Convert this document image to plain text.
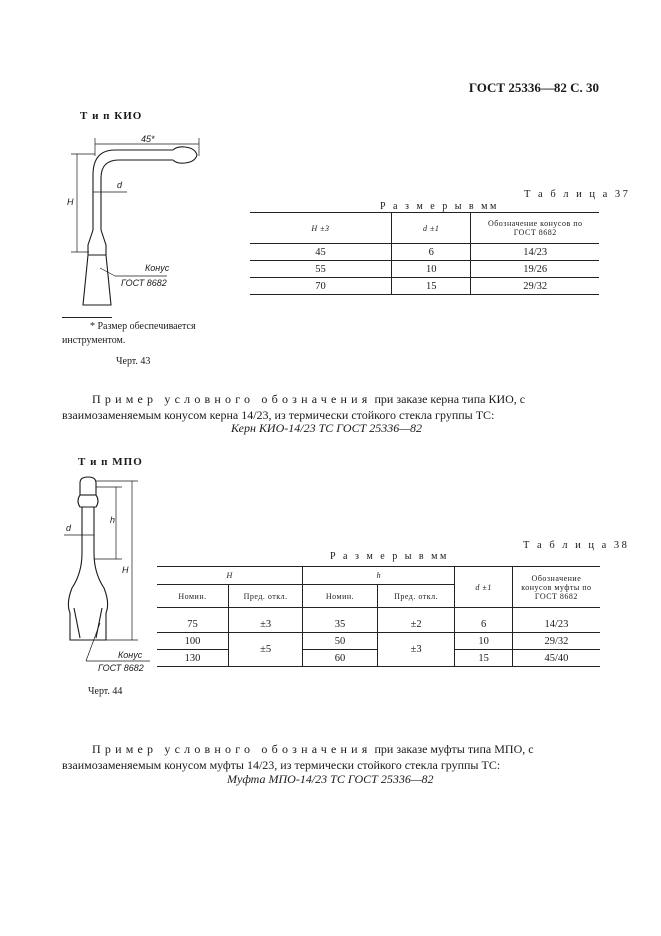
ГОСТ 25336—82 С. 30
Т и п КИО
45*
H
d
Конус
ГОСТ 8682
* Размер обеспечивается инструментом.
Черт. 43
Т а б л и ц а 37
Р а з м е р ы в мм
H ±3	d ±1	Обозначение конусов по ГОСТ 8682
45	6	14/23
55	10	19/26
70	15	29/32
Пример условного обозначения при заказе керна типа КИО, с взаимозаменяемым конусом керна 14/23, из термически стойкого стекла группы ТС:
Керн КИО-14/23 ТС ГОСТ 25336—82
Т и п МПО
h
H
d
Конус
ГОСТ 8682
Черт. 44
Т а б л и ц а 38
Р а з м е р ы в мм
H		h		d ±1	Обозначение конусов муфты по ГОСТ 8682
Номин.	Пред. откл.	Номин.	Пред. откл.		
75	±3	35	±2	6	14/23
100	±5	50	±3	10	29/32
130		60		15	45/40
Пример условного обозначения при заказе муфты типа МПО, с взаимозаменяемым конусом муфты 14/23, из термически стойкого стекла группы ТС:
Муфта МПО-14/23 ТС ГОСТ 25336—82
